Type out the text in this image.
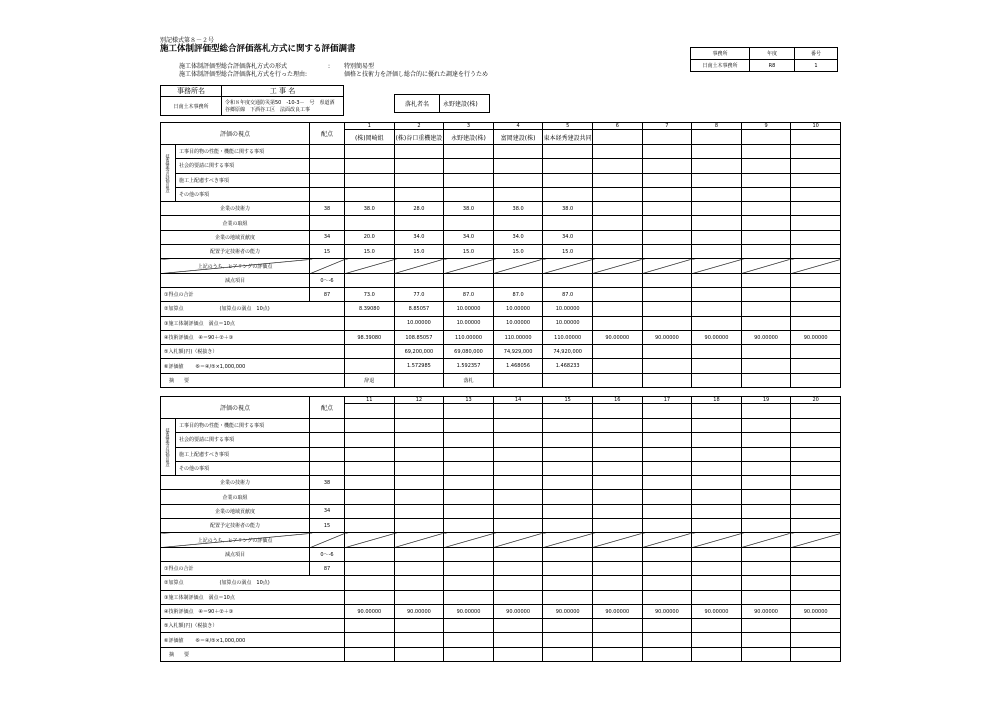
別記様式第８－２号
施工体制評価型総合評価落札方式に関する評価調書
施工体制評価型総合評価落札方式の形式	: 特別簡易型
施工体制評価型総合評価落札方式を行った理由:	価格と技術力を評価し総合的に優れた調達を行うため
事務所	年度	番号
日南土木事務所	R8	1
事務所名	工 事 名
日南土木事務所	令和８年度交通防災第50　-10-3－　号　県道酒
谷郷原線　下酒谷工区　法面改良工事
落札者名	永野建設(株)
評価の視点		配点	1	2	3	4	5	6	7	8	9	10
			(株)岡崎組	(株)谷口重機建設	永野建設(株)	富岡建設(株)	東本経秀建設共同					
技術提案等の評価の視点	工事目的物の性能・機能に関する事項											
	社会的要請に関する事項											
	施工上配慮すべき事項											
	その他の事項											
企業の技術力		38	38.0	28.0	38.0	38.0	38.0					
企業の取組												
企業の地域貢献度		34	20.0	34.0	34.0	34.0	34.0					
配置予定技術者の能力		15	15.0	15.0	15.0	15.0	15.0					
上記のうち、ヒアリングの評価点												
減点項目		0～-6										
①得点の合計		87	73.0	77.0	87.0	87.0	87.0					
②加算点 (加算点の満点　10点)			8.39080	8.85057	10.00000	10.00000	10.00000					
③施工体制評価点　満点＝10点				10.00000	10.00000	10.00000	10.00000					
④技術評価点　④＝90＋②＋③			98.39080	108.85057	110.00000	110.00000	110.00000	90.00000	90.00000	90.00000	90.00000	90.00000
⑤入札額(円)（税抜き）				69,200,000	69,080,000	74,929,000	74,920,000					
⑥評価値 ⑥＝④/⑤×1,000,000				1.572985	1.592357	1.468056	1.468233					
摘　　要			辞退		落札							
評価の視点		配点	11	12	13	14	15	16	17	18	19	20

技術提案等の評価の視点	工事目的物の性能・機能に関する事項											
	社会的要請に関する事項											
	施工上配慮すべき事項											
	その他の事項											
企業の技術力		38										
企業の取組												
企業の地域貢献度		34										
配置予定技術者の能力		15										
上記のうち、ヒアリングの評価点												
減点項目		0～-6										
①得点の合計		87										
②加算点 (加算点の満点　10点)												
③施工体制評価点　満点＝10点												
④技術評価点　④＝90＋②＋③			90.00000	90.00000	90.00000	90.00000	90.00000	90.00000	90.00000	90.00000	90.00000	90.00000
⑤入札額(円)（税抜き）												
⑥評価値 ⑥＝④/⑤×1,000,000												
摘　　要												
